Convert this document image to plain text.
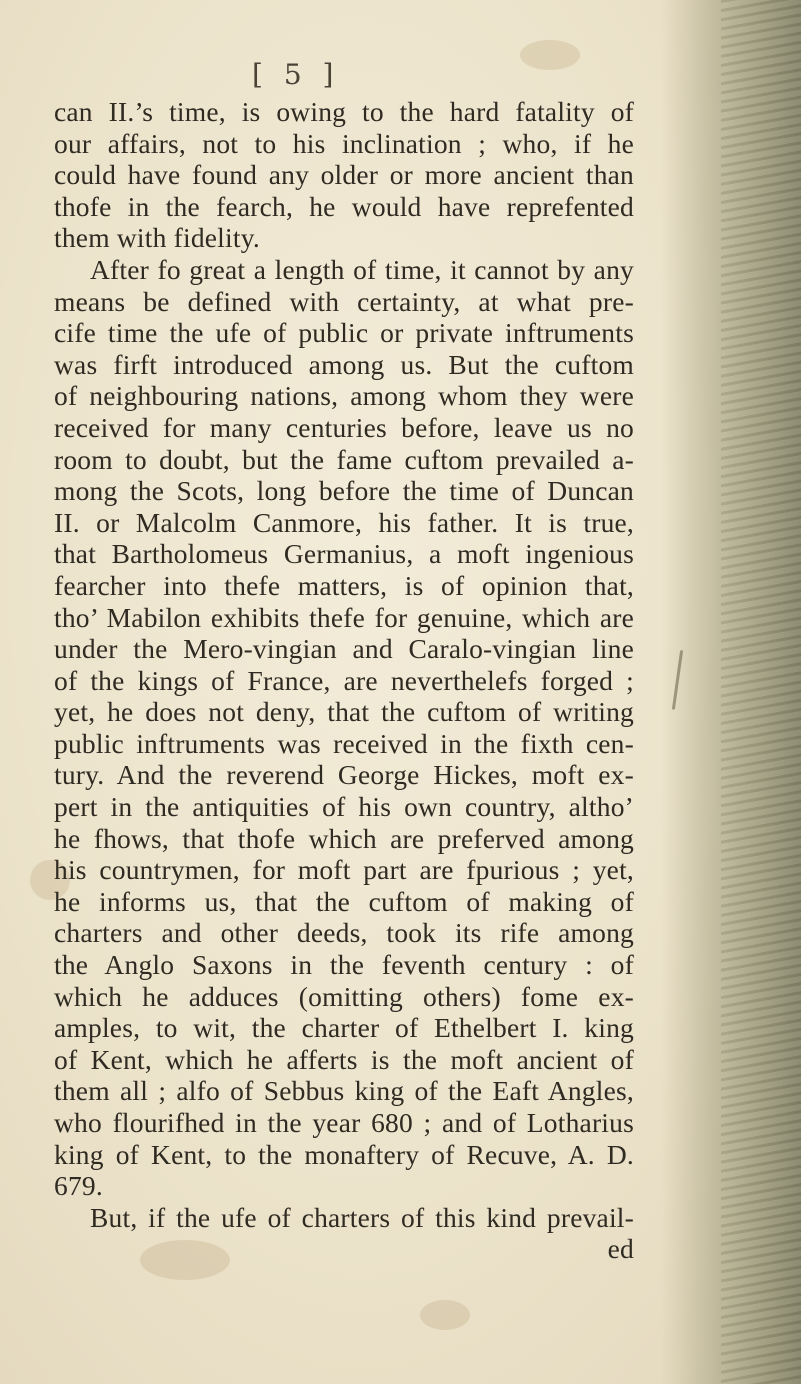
[ 5 ]
can II.’s time, is owing to the hard fatality of
our affairs, not to his inclination ; who, if he
could have found any older or more ancient than
thofe in the fearch, he would have reprefented
them with fidelity.
After fo great a length of time, it cannot by any
means be defined with certainty, at what pre-
cife time the ufe of public or private inftruments
was firft introduced among us. But the cuftom
of neighbouring nations, among whom they were
received for many centuries before, leave us no
room to doubt, but the fame cuftom prevailed a-
mong the Scots, long before the time of Duncan
II. or Malcolm Canmore, his father. It is true,
that Bartholomeus Germanius, a moft ingenious
fearcher into thefe matters, is of opinion that,
tho’ Mabilon exhibits thefe for genuine, which are
under the Mero-vingian and Caralo-vingian line
of the kings of France, are neverthelefs forged ;
yet, he does not deny, that the cuftom of writing
public inftruments was received in the fixth cen-
tury. And the reverend George Hickes, moft ex-
pert in the antiquities of his own country, altho’
he fhows, that thofe which are preferved among
his countrymen, for moft part are fpurious ; yet,
he informs us, that the cuftom of making of
charters and other deeds, took its rife among
the Anglo Saxons in the feventh century : of
which he adduces (omitting others) fome ex-
amples, to wit, the charter of Ethelbert I. king
of Kent, which he afferts is the moft ancient of
them all ; alfo of Sebbus king of the Eaft Angles,
who flourifhed in the year 680 ; and of Lotharius
king of Kent, to the monaftery of Recuve, A. D.
679.
But, if the ufe of charters of this kind prevail-
ed
